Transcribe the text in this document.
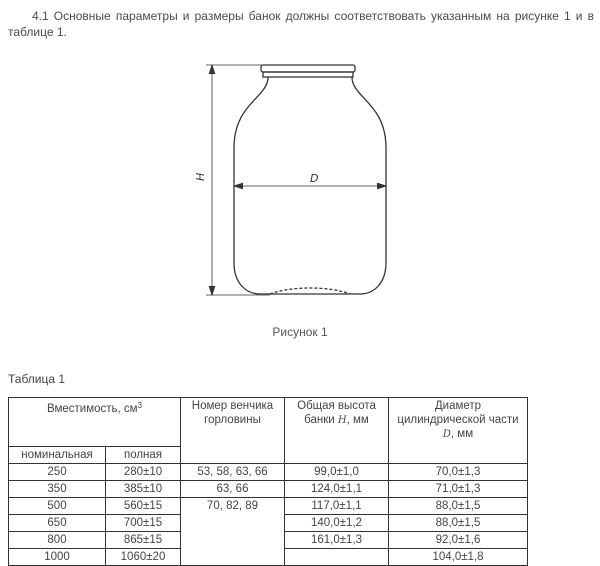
4.1 Основные параметры и размеры банок должны соответствовать указанным на рисунке 1 и в таблице 1.

H	D
Рисунок 1
Таблица 1
Вместимость, $см^3$		Номер венчика горловины	Общая высота банки H, мм	Диаметр цилиндрической части
D, мм
номинальная	полная			
250	280±10	53, 58, 63, 66	99,0±1,0	70,0±1,3
350	385±10	63, 66	124,0±1,1	71,0±1,3
500	560±15	70, 82, 89	117,0±1,1	88,0±1,5
650	700±15		140,0±1,2	88,0±1,5
800	865±15		161,0±1,3	92,0±1,6
1000	1060±20			104,0±1,8
